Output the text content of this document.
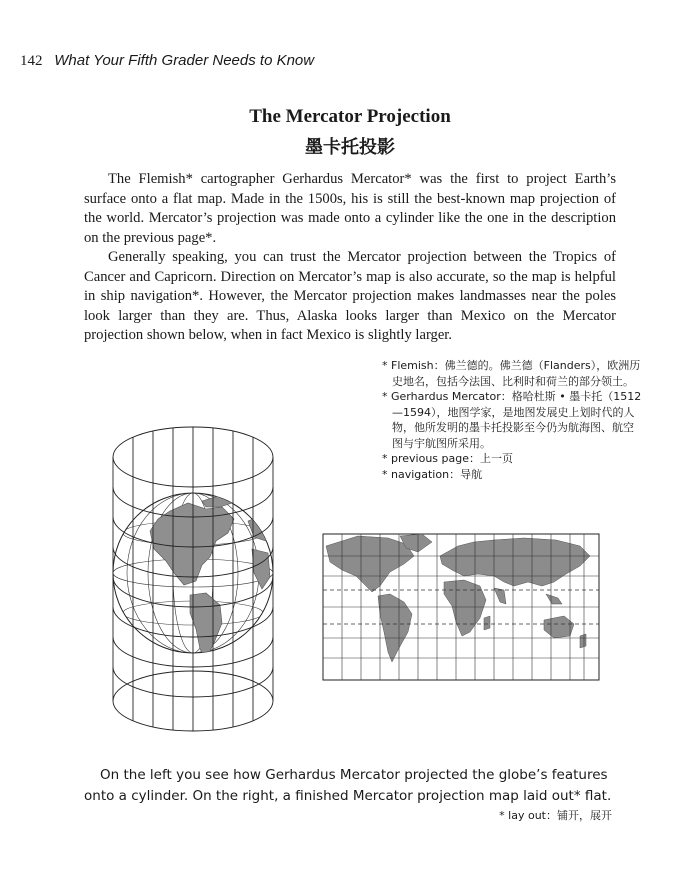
142 What Your Fifth Grader Needs to Know
The Mercator Projection
墨卡托投影

The Flemish* cartographer Gerhardus Mercator* was the first to project Earth’s surface onto a flat map. Made in the 1500s, his is still the best-known map projection of the world. Mercator’s projection was made onto a cylinder like the one in the description on the previous page*.

Generally speaking, you can trust the Mercator projection between the Tropics of Cancer and Capricorn. Direction on Mercator’s map is also accurate, so the map is helpful in ship navigation*. However, the Mercator projection makes landmasses near the poles look larger than they are. Thus, Alaska looks larger than Mexico on the Mercator projection shown below, when in fact Mexico is slightly larger.

* Flemish：佛兰德的。佛兰德（Flanders），欧洲历史地名，包括今法国、比利时和荷兰的部分领土。

* Gerhardus Mercator：格哈杜斯 • 墨卡托（1512—1594），地图学家，是地图发展史上划时代的人物，他所发明的墨卡托投影至今仍为航海图、航空图与宇航图所采用。

* previous page：上一页

* navigation：导航

On the left you see how Gerhardus Mercator projected the globe’s features onto a cylinder. On the right, a finished Mercator projection map laid out* flat.

* lay out：铺开，展开
